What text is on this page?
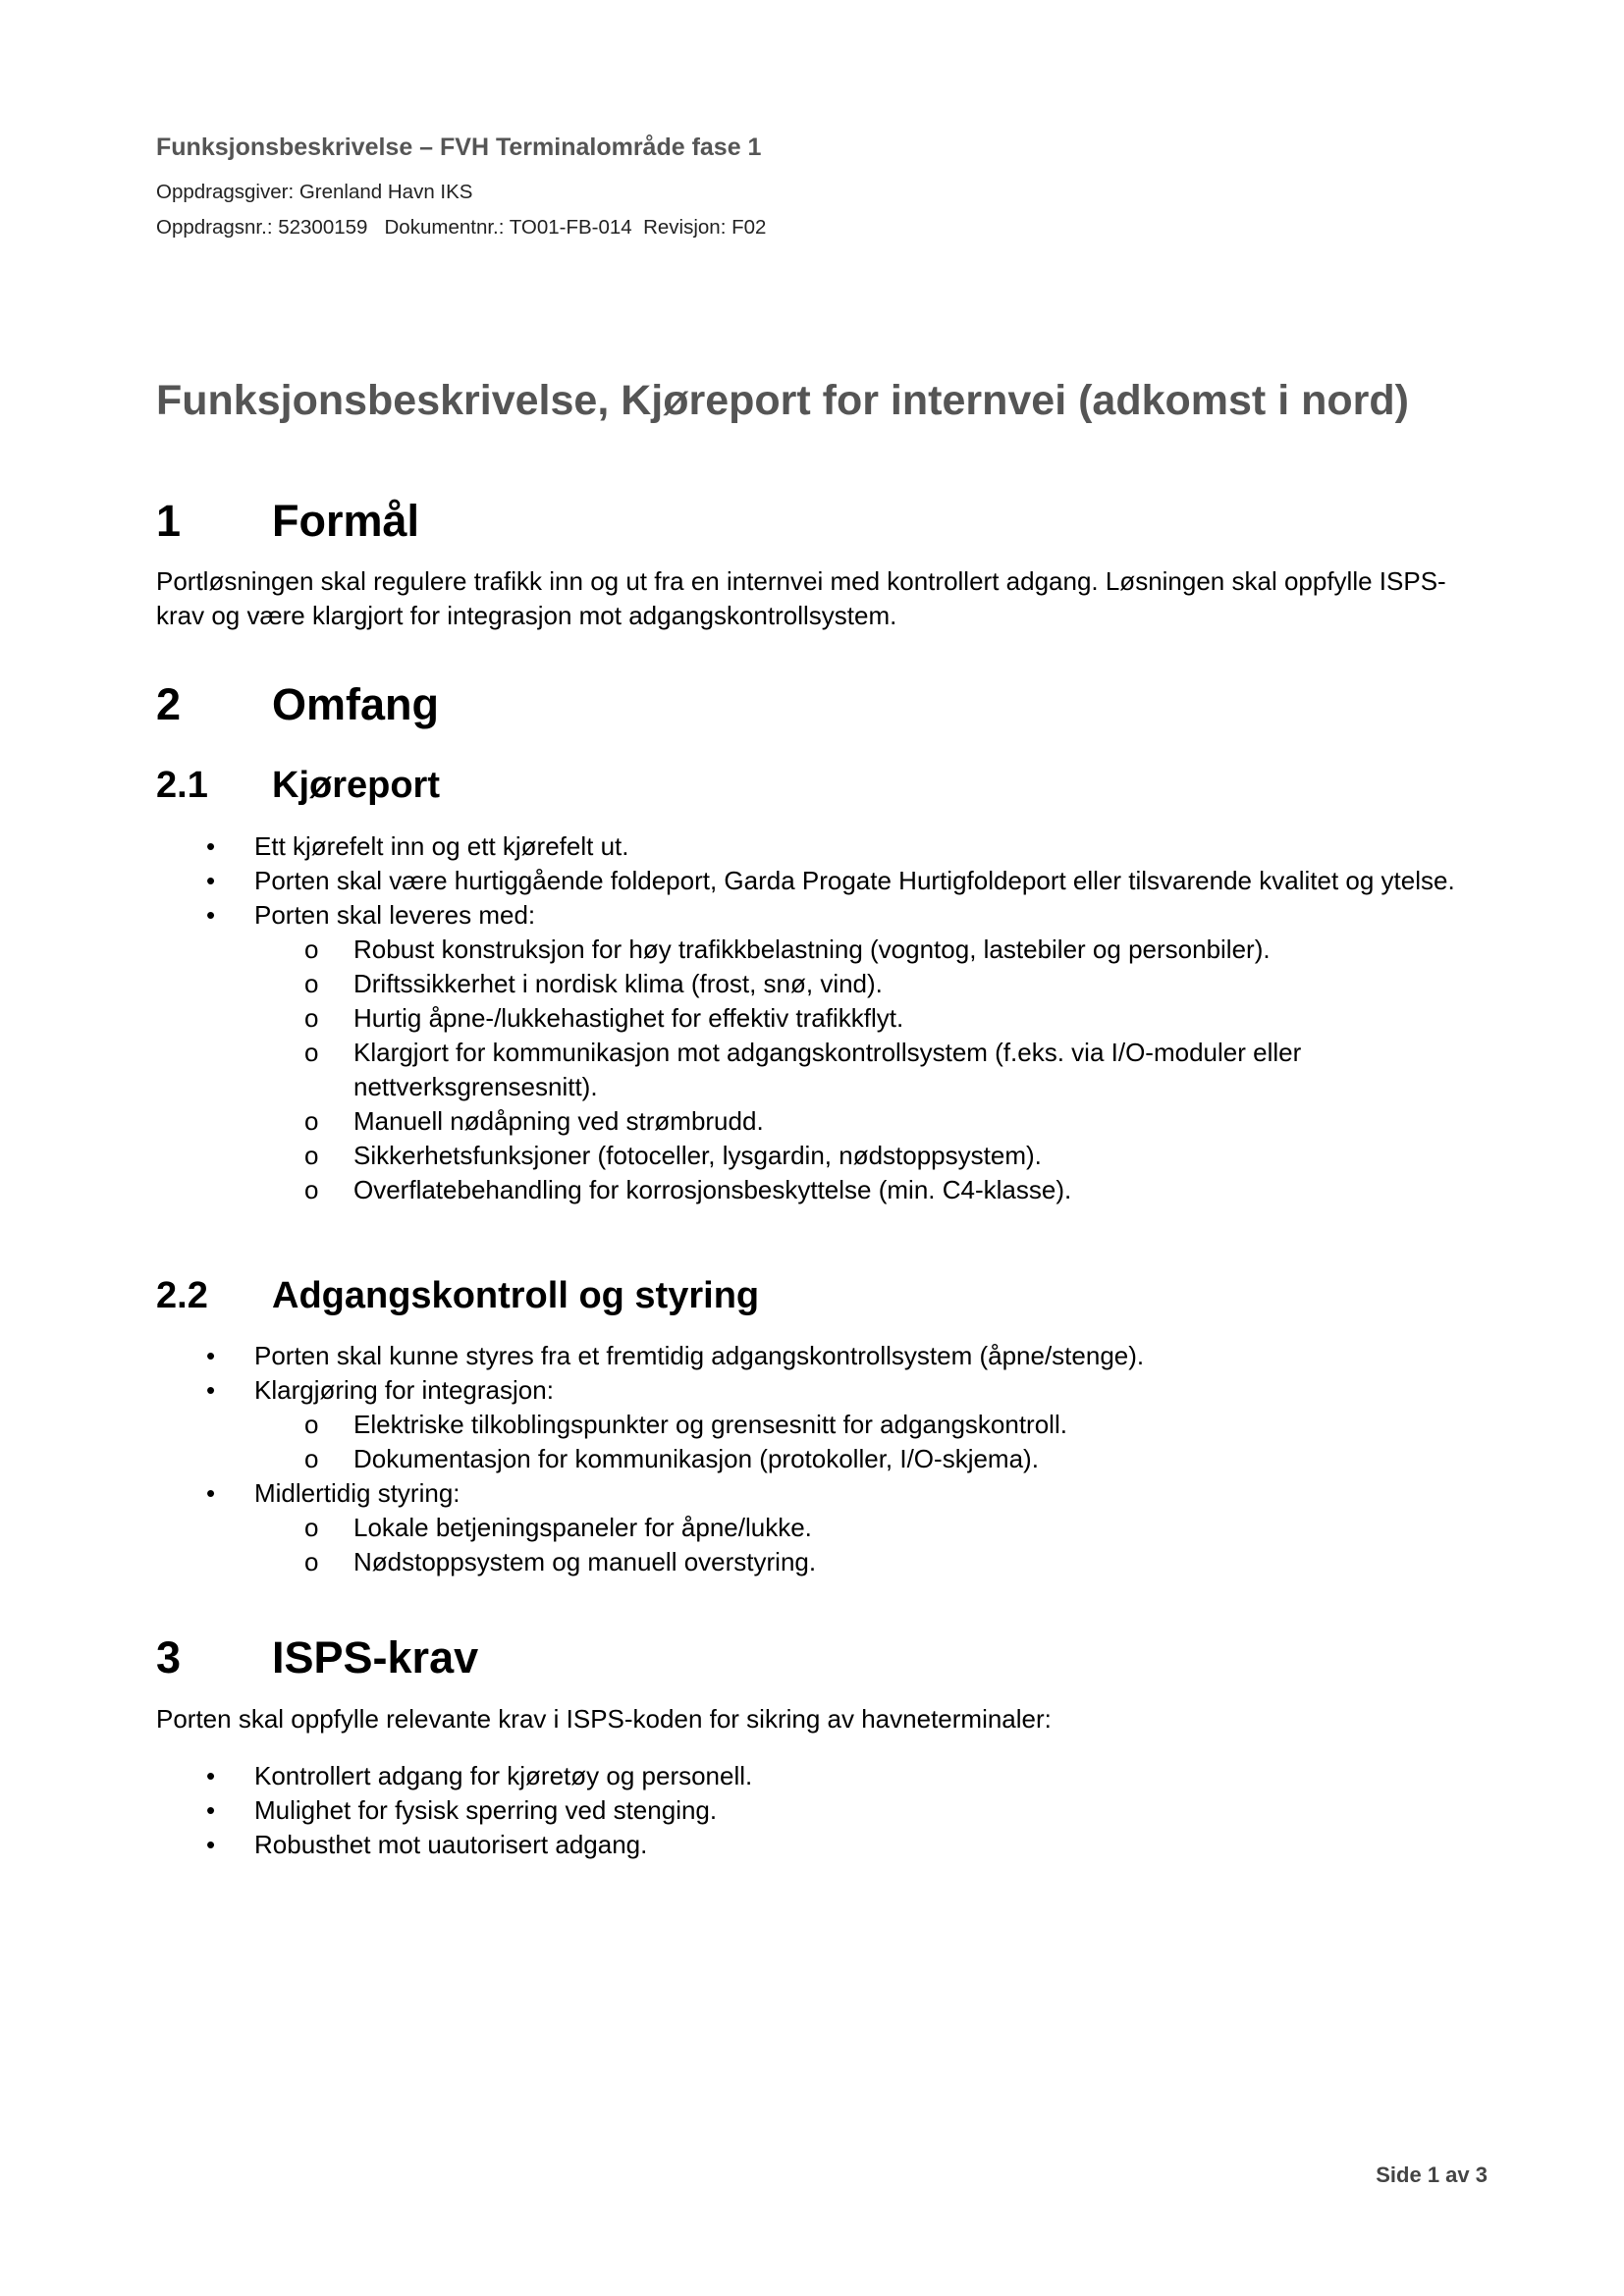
Funksjonsbeskrivelse – FVH Terminalområde fase 1
Oppdragsgiver: Grenland Havn IKS
Oppdragsnr.: 52300159   Dokumentnr.: TO01-FB-014  Revisjon: F02
Funksjonsbeskrivelse, Kjøreport for internvei (adkomst i nord)
1 Formål
Portløsningen skal regulere trafikk inn og ut fra en internvei med kontrollert adgang. Løsningen skal oppfylle ISPS-krav og være klargjort for integrasjon mot adgangskontrollsystem.
2 Omfang
2.1 Kjøreport
• Ett kjørefelt inn og ett kjørefelt ut.
• Porten skal være hurtiggående foldeport, Garda Progate Hurtigfoldeport eller tilsvarende kvalitet og ytelse.
• Porten skal leveres med:
o Robust konstruksjon for høy trafikkbelastning (vogntog, lastebiler og personbiler).
o Driftssikkerhet i nordisk klima (frost, snø, vind).
o Hurtig åpne-/lukkehastighet for effektiv trafikkflyt.
o Klargjort for kommunikasjon mot adgangskontrollsystem (f.eks. via I/O-moduler eller nettverksgrensesnitt).
o Manuell nødåpning ved strømbrudd.
o Sikkerhetsfunksjoner (fotoceller, lysgardin, nødstoppsystem).
o Overflatebehandling for korrosjonsbeskyttelse (min. C4-klasse).
2.2 Adgangskontroll og styring
• Porten skal kunne styres fra et fremtidig adgangskontrollsystem (åpne/stenge).
• Klargjøring for integrasjon:
o Elektriske tilkoblingspunkter og grensesnitt for adgangskontroll.
o Dokumentasjon for kommunikasjon (protokoller, I/O-skjema).
• Midlertidig styring:
o Lokale betjeningspaneler for åpne/lukke.
o Nødstoppsystem og manuell overstyring.
3 ISPS-krav
Porten skal oppfylle relevante krav i ISPS-koden for sikring av havneterminaler:
• Kontrollert adgang for kjøretøy og personell.
• Mulighet for fysisk sperring ved stenging.
• Robusthet mot uautorisert adgang.
Side 1 av 3
